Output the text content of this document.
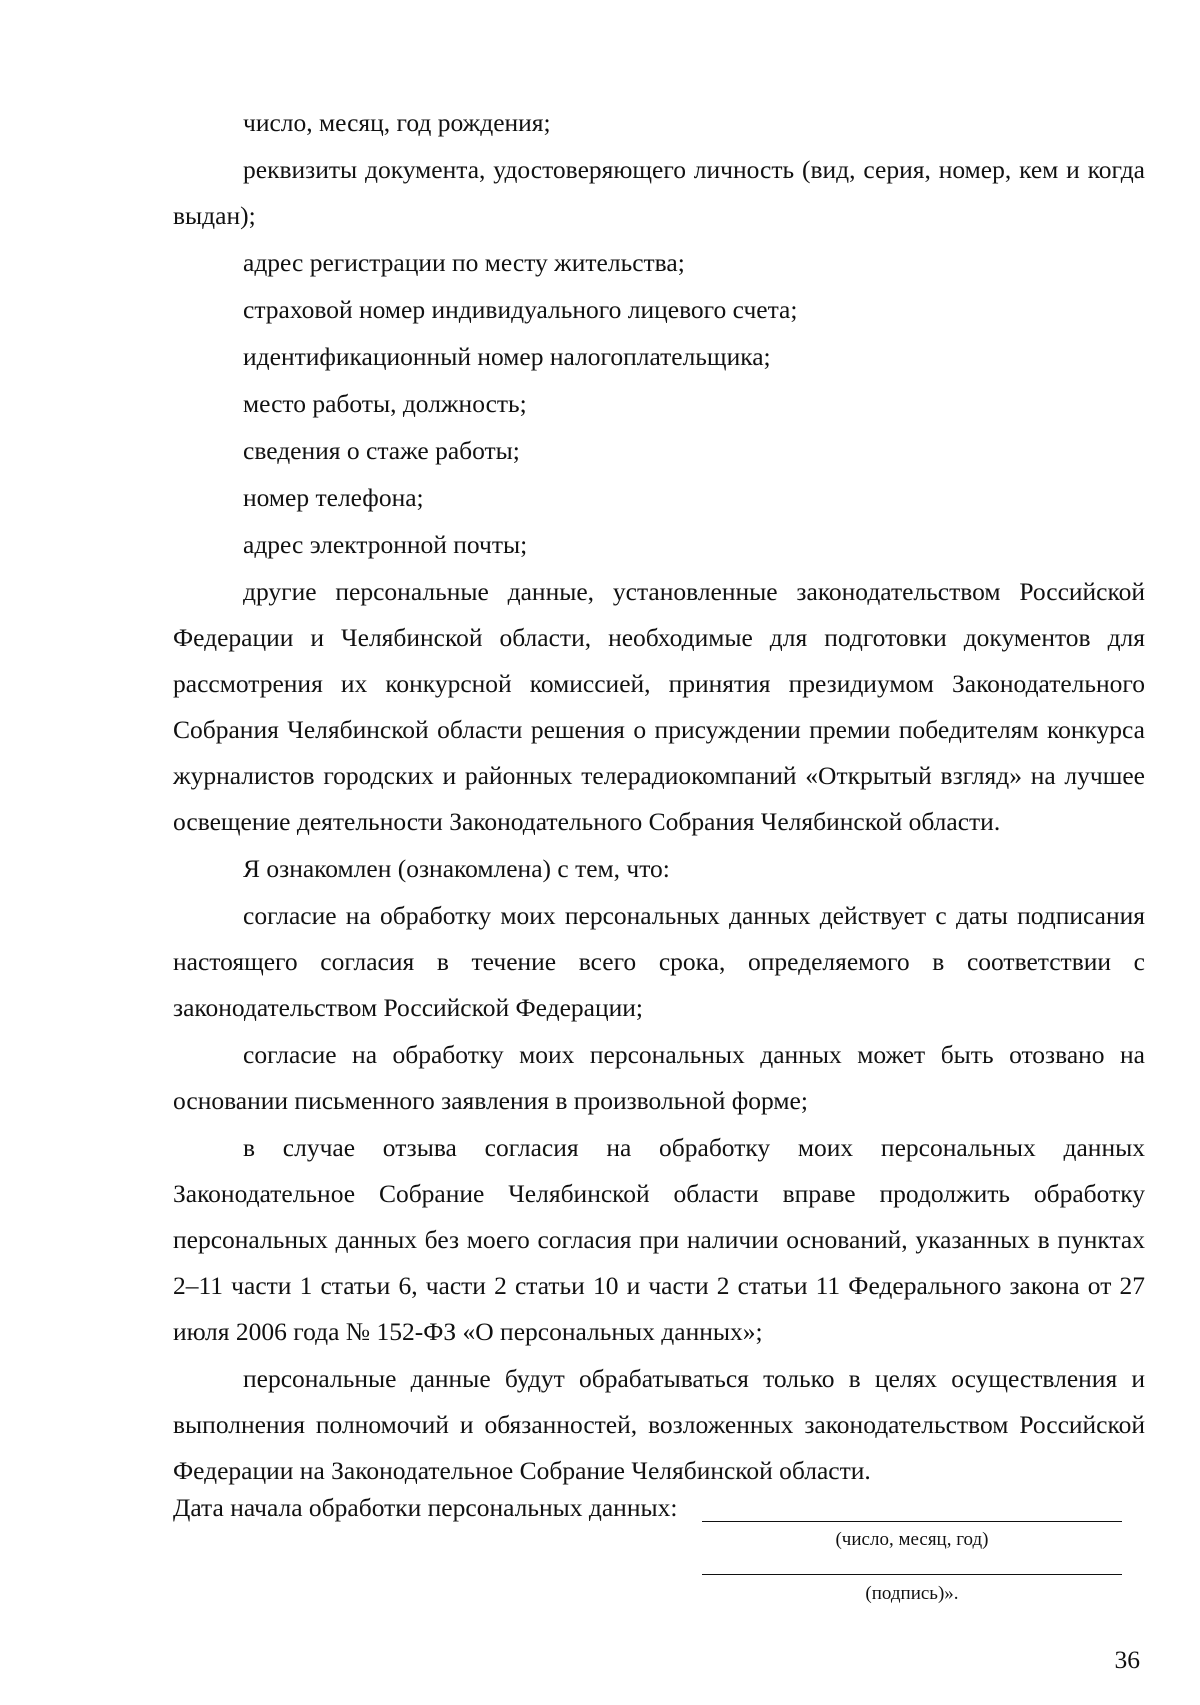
число, месяц, год рождения;

реквизиты документа, удостоверяющего личность (вид, серия, номер, кем и когда выдан);

адрес регистрации по месту жительства;

страховой номер индивидуального лицевого счета;

идентификационный номер налогоплательщика;

место работы, должность;

сведения о стаже работы;

номер телефона;

адрес электронной почты;

другие персональные данные, установленные законодательством Российской Федерации и Челябинской области, необходимые для подготовки документов для рассмотрения их конкурсной комиссией, принятия президиумом Законодательного Собрания Челябинской области решения о присуждении премии победителям конкурса журналистов городских и районных телерадиокомпаний «Открытый взгляд» на лучшее освещение деятельности Законодательного Собрания Челябинской области.

Я ознакомлен (ознакомлена) с тем, что:

согласие на обработку моих персональных данных действует с даты подписания настоящего согласия в течение всего срока, определяемого в соответствии с законодательством Российской Федерации;

согласие на обработку моих персональных данных может быть отозвано на основании письменного заявления в произвольной форме;

в случае отзыва согласия на обработку моих персональных данных Законодательное Собрание Челябинской области вправе продолжить обработку персональных данных без моего согласия при наличии оснований, указанных в пунктах 2–11 части 1 статьи 6, части 2 статьи 10 и части 2 статьи 11 Федерального закона от 27 июля 2006 года № 152-ФЗ «О персональных данных»;

персональные данные будут обрабатываться только в целях осуществления и выполнения полномочий и обязанностей, возложенных законодательством Российской Федерации на Законодательное Собрание Челябинской области.

Дата начала обработки персональных данных:
(число, месяц, год)
(подпись)».
36
